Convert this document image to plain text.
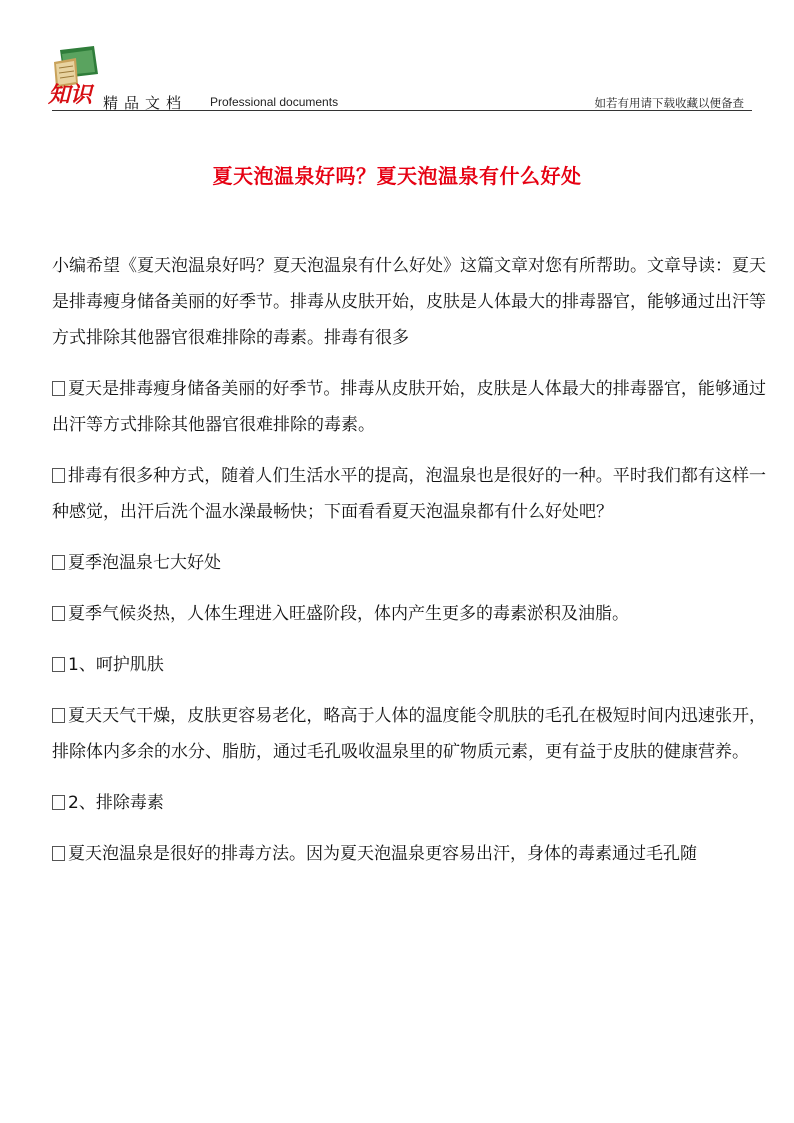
知识 精品文档 Professional documents	如若有用请下载收藏以便备查
夏天泡温泉好吗？夏天泡温泉有什么好处

小编希望《夏天泡温泉好吗？夏天泡温泉有什么好处》这篇文章对您有所帮助。文章导读：夏天是排毒瘦身储备美丽的好季节。排毒从皮肤开始，皮肤是人体最大的排毒器官，能够通过出汗等方式排除其他器官很难排除的毒素。排毒有很多

夏天是排毒瘦身储备美丽的好季节。排毒从皮肤开始，皮肤是人体最大的排毒器官，能够通过出汗等方式排除其他器官很难排除的毒素。

排毒有很多种方式，随着人们生活水平的提高，泡温泉也是很好的一种。平时我们都有这样一种感觉，出汗后洗个温水澡最畅快；下面看看夏天泡温泉都有什么好处吧？

夏季泡温泉七大好处

夏季气候炎热，人体生理进入旺盛阶段，体内产生更多的毒素淤积及油脂。

1、呵护肌肤

夏天天气干燥，皮肤更容易老化，略高于人体的温度能令肌肤的毛孔在极短时间内迅速张开，排除体内多余的水分、脂肪，通过毛孔吸收温泉里的矿物质元素，更有益于皮肤的健康营养。

2、排除毒素

夏天泡温泉是很好的排毒方法。因为夏天泡温泉更容易出汗，身体的毒素通过毛孔随
